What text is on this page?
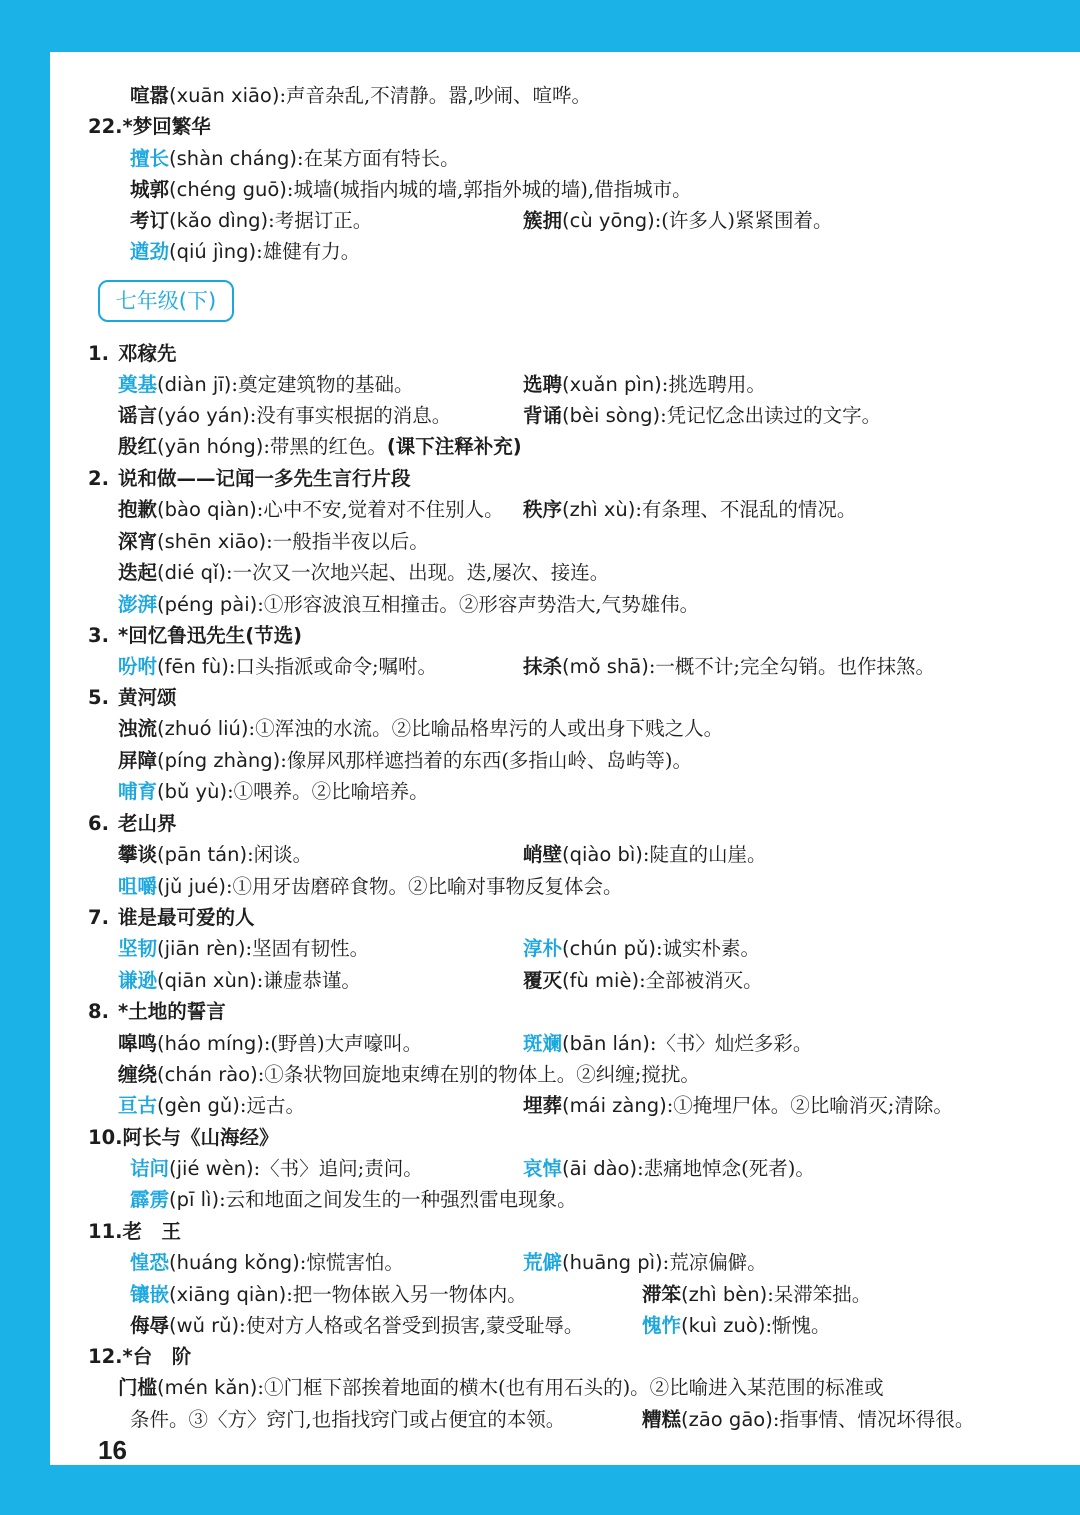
七年级(下)
喧嚣(xuān xiāo):声音杂乱,不清静。嚣,吵闹、喧哗。
22.*梦回繁华
擅长(shàn cháng):在某方面有特长。
城郭(chéng guō):城墙(城指内城的墙,郭指外城的墙),借指城市。
考订(kǎo dìng):考据订正。	簇拥(cù yōng):(许多人)紧紧围着。
遒劲(qiú jìng):雄健有力。
1. 邓稼先
奠基(diàn jī):奠定建筑物的基础。	选聘(xuǎn pìn):挑选聘用。
谣言(yáo yán):没有事实根据的消息。	背诵(bèi sòng):凭记忆念出读过的文字。
殷红(yān hóng):带黑的红色。(课下注释补充)
2. 说和做——记闻一多先生言行片段
抱歉(bào qiàn):心中不安,觉着对不住别人。 秩序(zhì xù):有条理、不混乱的情况。
深宵(shēn xiāo):一般指半夜以后。
迭起(dié qǐ):一次又一次地兴起、出现。迭,屡次、接连。
澎湃(péng pài):①形容波浪互相撞击。②形容声势浩大,气势雄伟。
3. *回忆鲁迅先生(节选)
吩咐(fēn fù):口头指派或命令;嘱咐。	抹杀(mǒ shā):一概不计;完全勾销。也作抹煞。
5. 黄河颂
浊流(zhuó liú):①浑浊的水流。②比喻品格卑污的人或出身下贱之人。
屏障(píng zhàng):像屏风那样遮挡着的东西(多指山岭、岛屿等)。
哺育(bǔ yù):①喂养。②比喻培养。
6. 老山界
攀谈(pān tán):闲谈。	峭壁(qiào bì):陡直的山崖。
咀嚼(jǔ jué):①用牙齿磨碎食物。②比喻对事物反复体会。
7. 谁是最可爱的人
坚韧(jiān rèn):坚固有韧性。	淳朴(chún pǔ):诚实朴素。
谦逊(qiān xùn):谦虚恭谨。	覆灭(fù miè):全部被消灭。
8. *土地的誓言
嗥鸣(háo míng):(野兽)大声嚎叫。	斑斓(bān lán):〈书〉灿烂多彩。
缠绕(chán rào):①条状物回旋地束缚在别的物体上。②纠缠;搅扰。
亘古(gèn gǔ):远古。	埋葬(mái zàng):①掩埋尸体。②比喻消灭;清除。
10.阿长与《山海经》
诘问(jié wèn):〈书〉追问;责问。	哀悼(āi dào):悲痛地悼念(死者)。
霹雳(pī lì):云和地面之间发生的一种强烈雷电现象。
11.老　王
惶恐(huáng kǒng):惊慌害怕。	荒僻(huāng pì):荒凉偏僻。
镶嵌(xiāng qiàn):把一物体嵌入另一物体内。	滞笨(zhì bèn):呆滞笨拙。
侮辱(wǔ rǔ):使对方人格或名誉受到损害,蒙受耻辱。	愧怍(kuì zuò):惭愧。
12.*台　阶
门槛(mén kǎn):①门框下部挨着地面的横木(也有用石头的)。②比喻进入某范围的标准或
条件。③〈方〉窍门,也指找窍门或占便宜的本领。	糟糕(zāo gāo):指事情、情况坏得很。
16
